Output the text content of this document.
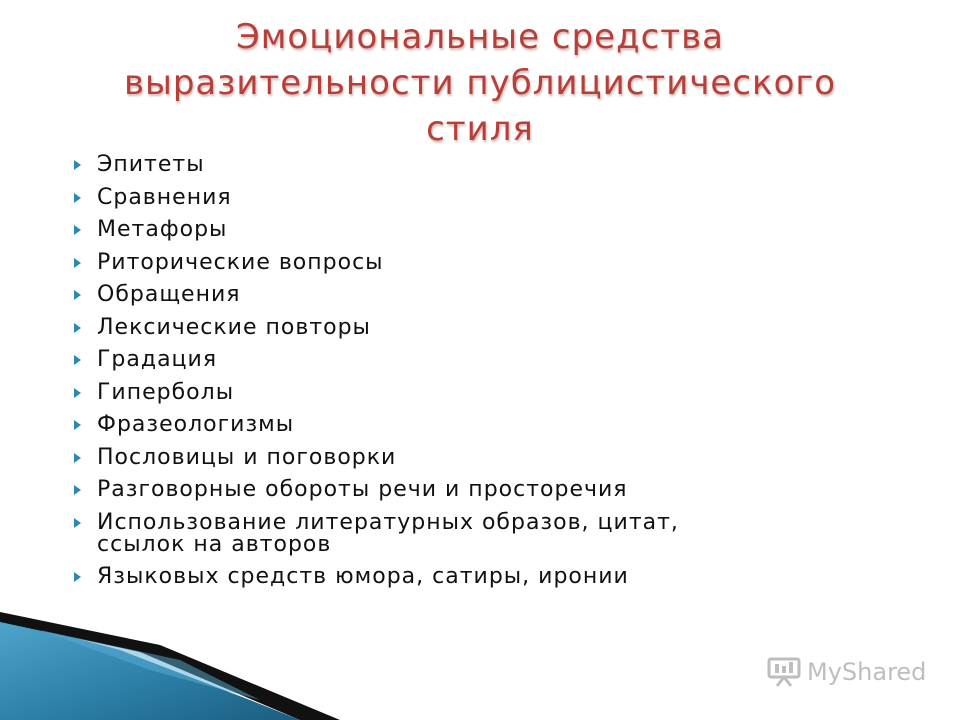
Эмоциональные средства
выразительности публицистического
стиля
Эпитеты
Сравнения
Метафоры
Риторические вопросы
Обращения
Лексические повторы
Градация
Гиперболы
Фразеологизмы
Пословицы и поговорки
Разговорные обороты речи и просторечия
Использование литературных образов, цитат,
ссылок на авторов
Языковых средств юмора, сатиры, иронии
MyShared
